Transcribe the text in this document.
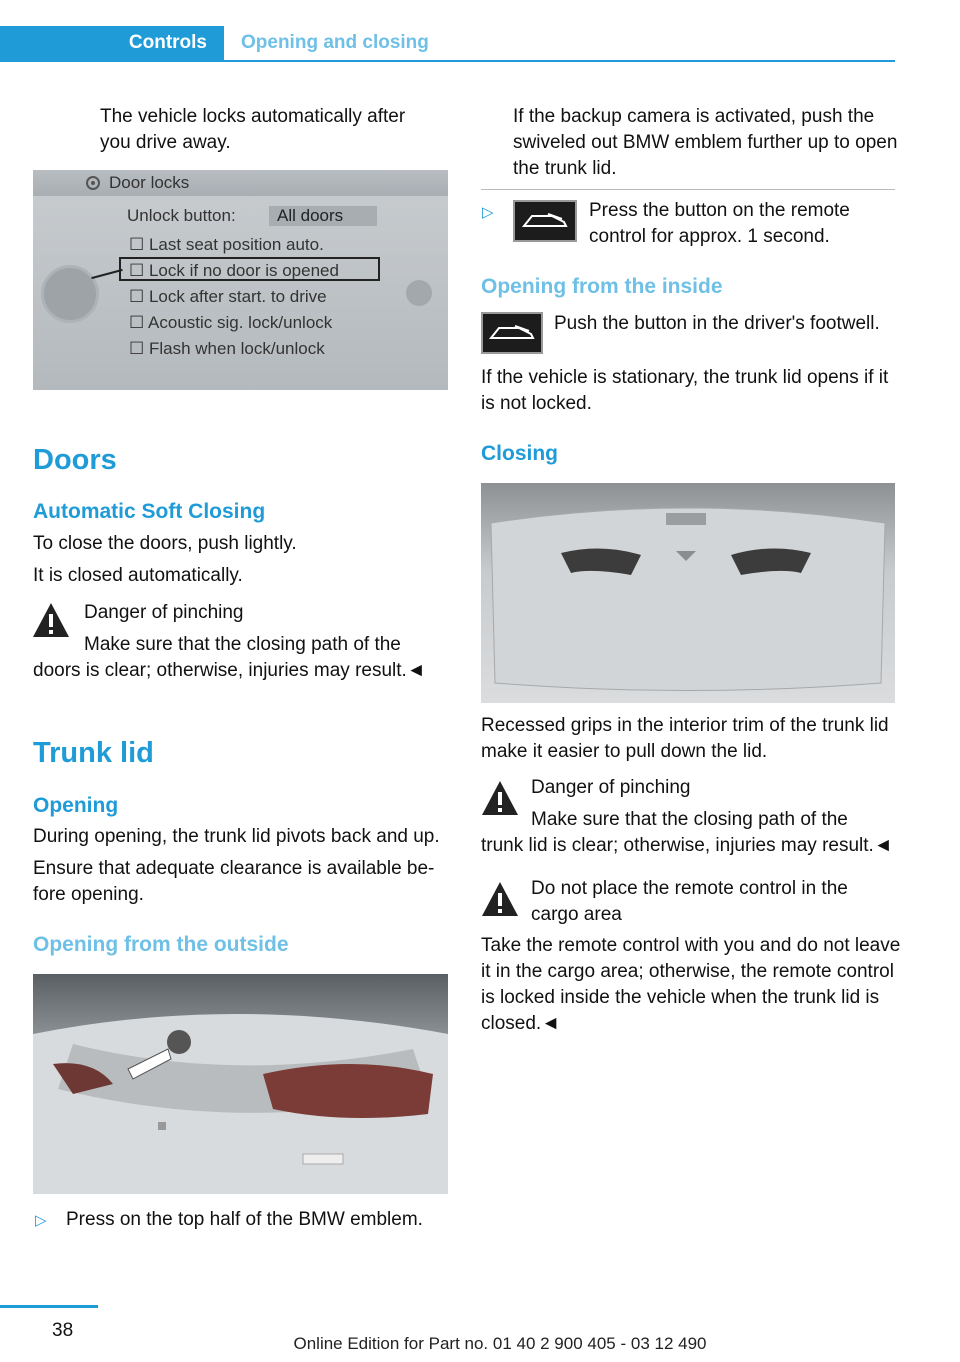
Controls	Opening and closing

The vehicle locks automatically after you drive away.

Door locks
Unlock button:	All doors
☐ Last seat position auto.
☐ Lock if no door is opened
☐ Lock after start. to drive
☐ Acoustic sig. lock/unlock
☐ Flash when lock/unlock
Doors
Automatic Soft Closing

To close the doors, push lightly.

It is closed automatically.

Danger of pinching

Make sure that the closing path of the

doors is clear; otherwise, injuries may result.◄

Trunk lid
Opening

During opening, the trunk lid pivots back and up.

Ensure that adequate clearance is available be-fore opening.

Opening from the outside
▷ Press on the top half of the BMW emblem.

If the backup camera is activated, push the swiveled out BMW emblem further up to open the trunk lid.

▷	Press the button on the remote control for approx. 1 second.

Opening from the inside

Push the button in the driver's footwell.

If the vehicle is stationary, the trunk lid opens if it is not locked.

Closing

Recessed grips in the interior trim of the trunk lid make it easier to pull down the lid.

Danger of pinching

Make sure that the closing path of the

trunk lid is clear; otherwise, injuries may result.◄

Do not place the remote control in the cargo area

Take the remote control with you and do not leave it in the cargo area; otherwise, the remote control is locked inside the vehicle when the trunk lid is closed.◄

38
Online Edition for Part no. 01 40 2 900 405 - 03 12 490
